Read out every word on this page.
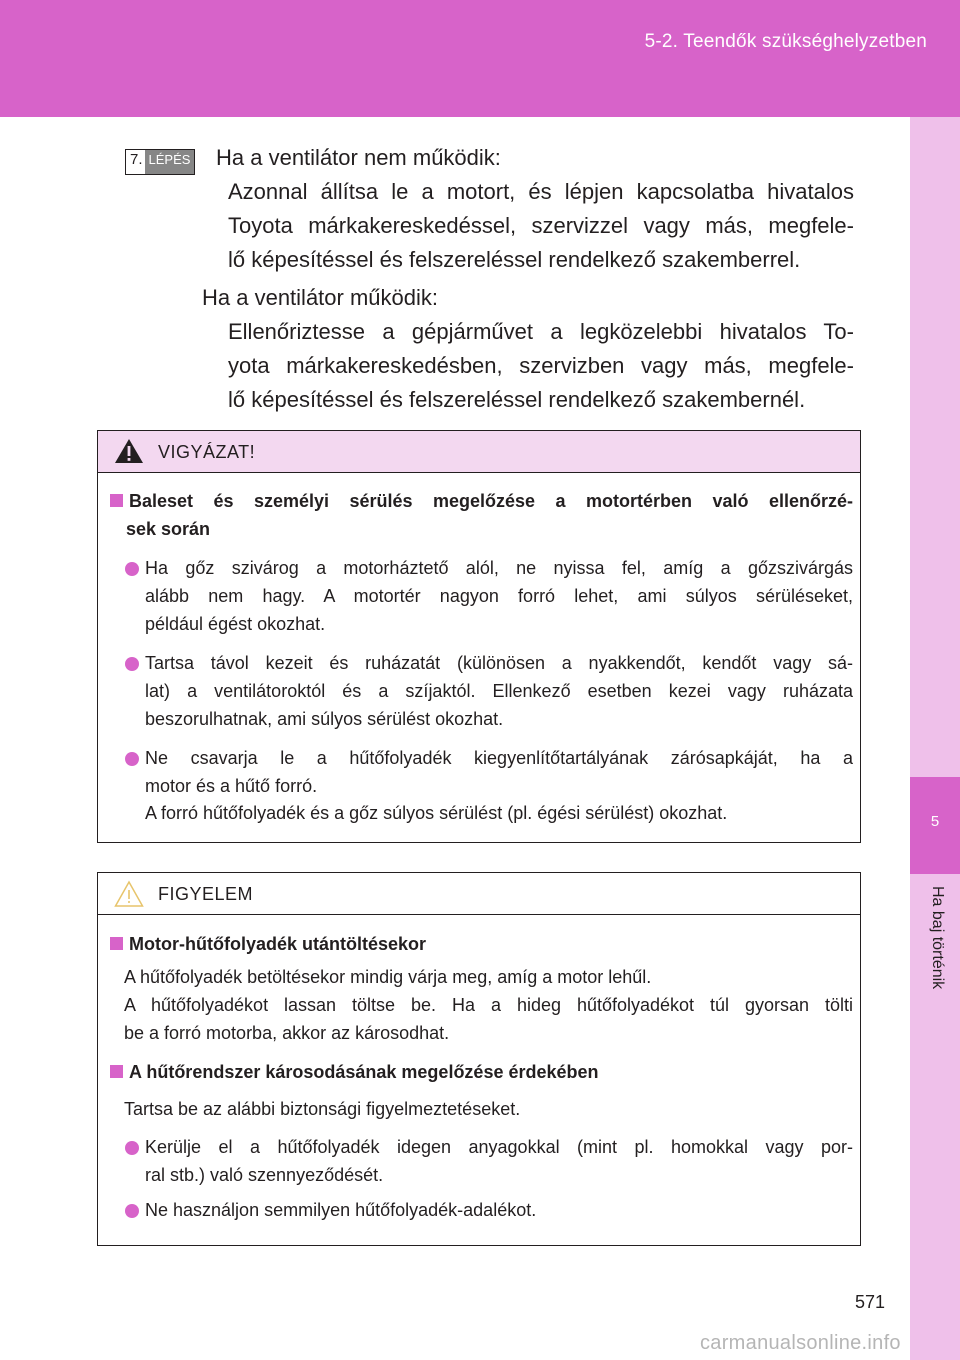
5-2. Teendők szükséghelyzetben
5
Ha baj történik
7. LÉPÉS Ha a ventilátor nem működik:
Azonnal állítsa le a motort, és lépjen kapcsolatba hivatalos
Toyota márkakereskedéssel, szervizzel vagy más, megfele-
lő képesítéssel és felszereléssel rendelkező szakemberrel.
Ha a ventilátor működik:
Ellenőriztesse a gépjárművet a legközelebbi hivatalos To-
yota márkakereskedésben, szervizben vagy más, megfele-
lő képesítéssel és felszereléssel rendelkező szakembernél.
VIGYÁZAT!
Baleset és személyi sérülés megelőzése a motortérben való ellenőrzé-
sek során
Ha gőz szivárog a motorháztető alól, ne nyissa fel, amíg a gőzszivárgás
alább nem hagy. A motortér nagyon forró lehet, ami súlyos sérüléseket,
például égést okozhat.
Tartsa távol kezeit és ruházatát (különösen a nyakkendőt, kendőt vagy sá-
lat) a ventilátoroktól és a szíjaktól. Ellenkező esetben kezei vagy ruházata
beszorulhatnak, ami súlyos sérülést okozhat.
Ne csavarja le a hűtőfolyadék kiegyenlítőtartályának zárósapkáját, ha a
motor és a hűtő forró.
A forró hűtőfolyadék és a gőz súlyos sérülést (pl. égési sérülést) okozhat.
FIGYELEM
Motor-hűtőfolyadék utántöltésekor
A hűtőfolyadék betöltésekor mindig várja meg, amíg a motor lehűl.
A hűtőfolyadékot lassan töltse be. Ha a hideg hűtőfolyadékot túl gyorsan tölti
be a forró motorba, akkor az károsodhat.
A hűtőrendszer károsodásának megelőzése érdekében
Tartsa be az alábbi biztonsági figyelmeztetéseket.
Kerülje el a hűtőfolyadék idegen anyagokkal (mint pl. homokkal vagy por-
ral stb.) való szennyeződését.
Ne használjon semmilyen hűtőfolyadék-adalékot.
571
carmanualsonline.info
